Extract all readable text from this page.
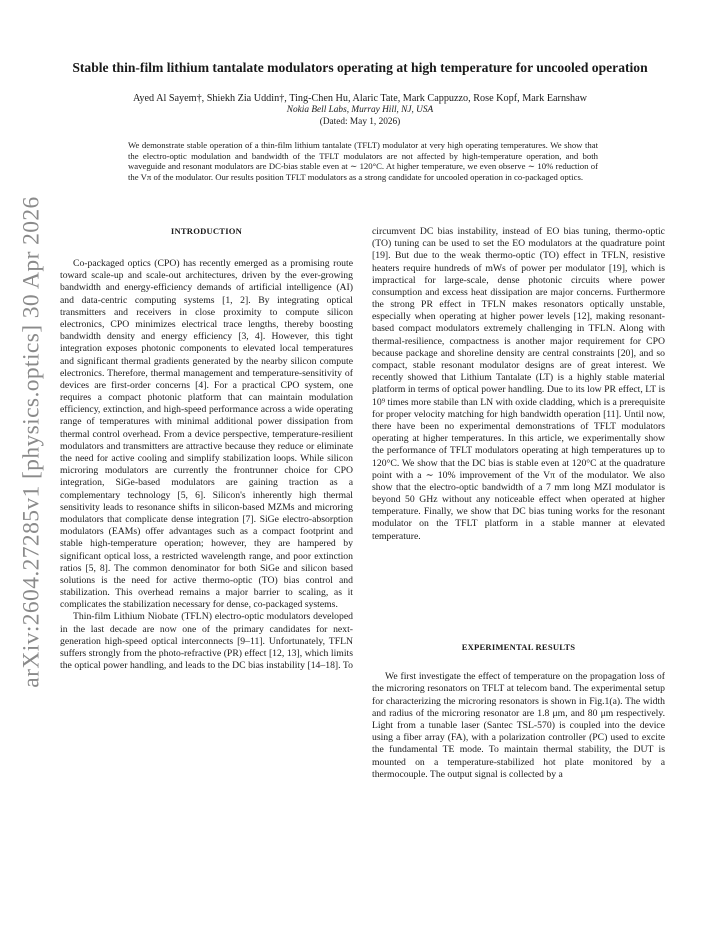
arXiv:2604.27285v1 [physics.optics] 30 Apr 2026
Stable thin-film lithium tantalate modulators operating at high temperature for uncooled operation
Ayed Al Sayem†, Shiekh Zia Uddin†, Ting-Chen Hu, Alaric Tate, Mark Cappuzzo, Rose Kopf, Mark Earnshaw
Nokia Bell Labs, Murray Hill, NJ, USA
(Dated: May 1, 2026)

We demonstrate stable operation of a thin-film lithium tantalate (TFLT) modulator at very high operating temperatures. We show that the electro-optic modulation and bandwidth of the TFLT modulators are not affected by high-temperature operation, and both waveguide and resonant modulators are DC-bias stable even at ∼ 120°C. At higher temperature, we even observe ∼ 10% reduction of the Vπ of the modulator. Our results position TFLT modulators as a strong candidate for uncooled operation in co-packaged optics.

INTRODUCTION

Co-packaged optics (CPO) has recently emerged as a promising route toward scale-up and scale-out architectures, driven by the ever-growing bandwidth and energy-efficiency demands of artificial intelligence (AI) and data-centric computing systems [1, 2]. By integrating optical transmitters and receivers in close proximity to compute silicon electronics, CPO minimizes electrical trace lengths, thereby boosting bandwidth density and energy efficiency [3, 4]. However, this tight integration exposes photonic components to elevated local temperatures and significant thermal gradients generated by the nearby silicon compute electronics. Therefore, thermal management and temperature-sensitivity of devices are first-order concerns [4]. For a practical CPO system, one requires a compact photonic platform that can maintain modulation efficiency, extinction, and high-speed performance across a wide operating range of temperatures with minimal additional power dissipation from thermal control overhead. From a device perspective, temperature-resilient modulators and transmitters are attractive because they reduce or eliminate the need for active cooling and simplify stabilization loops. While silicon microring modulators are currently the frontrunner choice for CPO integration, SiGe-based modulators are gaining traction as a complementary technology [5, 6]. Silicon's inherently high thermal sensitivity leads to resonance shifts in silicon-based MZMs and microring modulators that complicate dense integration [7]. SiGe electro-absorption modulators (EAMs) offer advantages such as a compact footprint and stable high-temperature operation; however, they are hampered by significant optical loss, a restricted wavelength range, and poor extinction ratios [5, 8]. The common denominator for both SiGe and silicon based solutions is the need for active thermo-optic (TO) bias control and stabilization. This overhead remains a major barrier to scaling, as it complicates the stabilization necessary for dense, co-packaged systems.

Thin-film Lithium Niobate (TFLN) electro-optic modulators developed in the last decade are now one of the primary candidates for next-generation high-speed optical interconnects [9–11]. Unfortunately, TFLN suffers strongly from the photo-refractive (PR) effect [12, 13], which limits the optical power handling, and leads to the DC bias instability [14–18]. To

circumvent DC bias instability, instead of EO bias tuning, thermo-optic (TO) tuning can be used to set the EO modulators at the quadrature point [19]. But due to the weak thermo-optic (TO) effect in TFLN, resistive heaters require hundreds of mWs of power per modulator [19], which is impractical for large-scale, dense photonic circuits where power consumption and excess heat dissipation are major concerns. Furthermore the strong PR effect in TFLN makes resonators optically unstable, especially when operating at higher power levels [12], making resonant-based compact modulators extremely challenging in TFLN. Along with thermal-resilience, compactness is another major requirement for CPO because package and shoreline density are central constraints [20], and so compact, stable resonant modulator designs are of great interest. We recently showed that Lithium Tantalate (LT) is a highly stable material platform in terms of optical power handling. Due to its low PR effect, LT is 10⁹ times more stabile than LN with oxide cladding, which is a prerequisite for proper velocity matching for high bandwidth operation [11]. Until now, there have been no experimental demonstrations of TFLT modulators operating at higher temperatures. In this article, we experimentally show the performance of TFLT modulators operating at high temperatures up to 120°C. We show that the DC bias is stable even at 120°C at the quadrature point with a ∼ 10% improvement of the Vπ of the modulator. We also show that the electro-optic bandwidth of a 7 mm long MZI modulator is beyond 50 GHz without any noticeable effect when operated at higher temperature. Finally, we show that DC bias tuning works for the resonant modulator on the TFLT platform in a stable manner at elevated temperature.

EXPERIMENTAL RESULTS

We first investigate the effect of temperature on the propagation loss of the microring resonators on TFLT at telecom band. The experimental setup for characterizing the microring resonators is shown in Fig.1(a). The width and radius of the microring resonator are 1.8 μm, and 80 μm respectively. Light from a tunable laser (Santec TSL-570) is coupled into the device using a fiber array (FA), with a polarization controller (PC) used to excite the fundamental TE mode. To maintain thermal stability, the DUT is mounted on a temperature-stabilized hot plate monitored by a thermocouple. The output signal is collected by a
